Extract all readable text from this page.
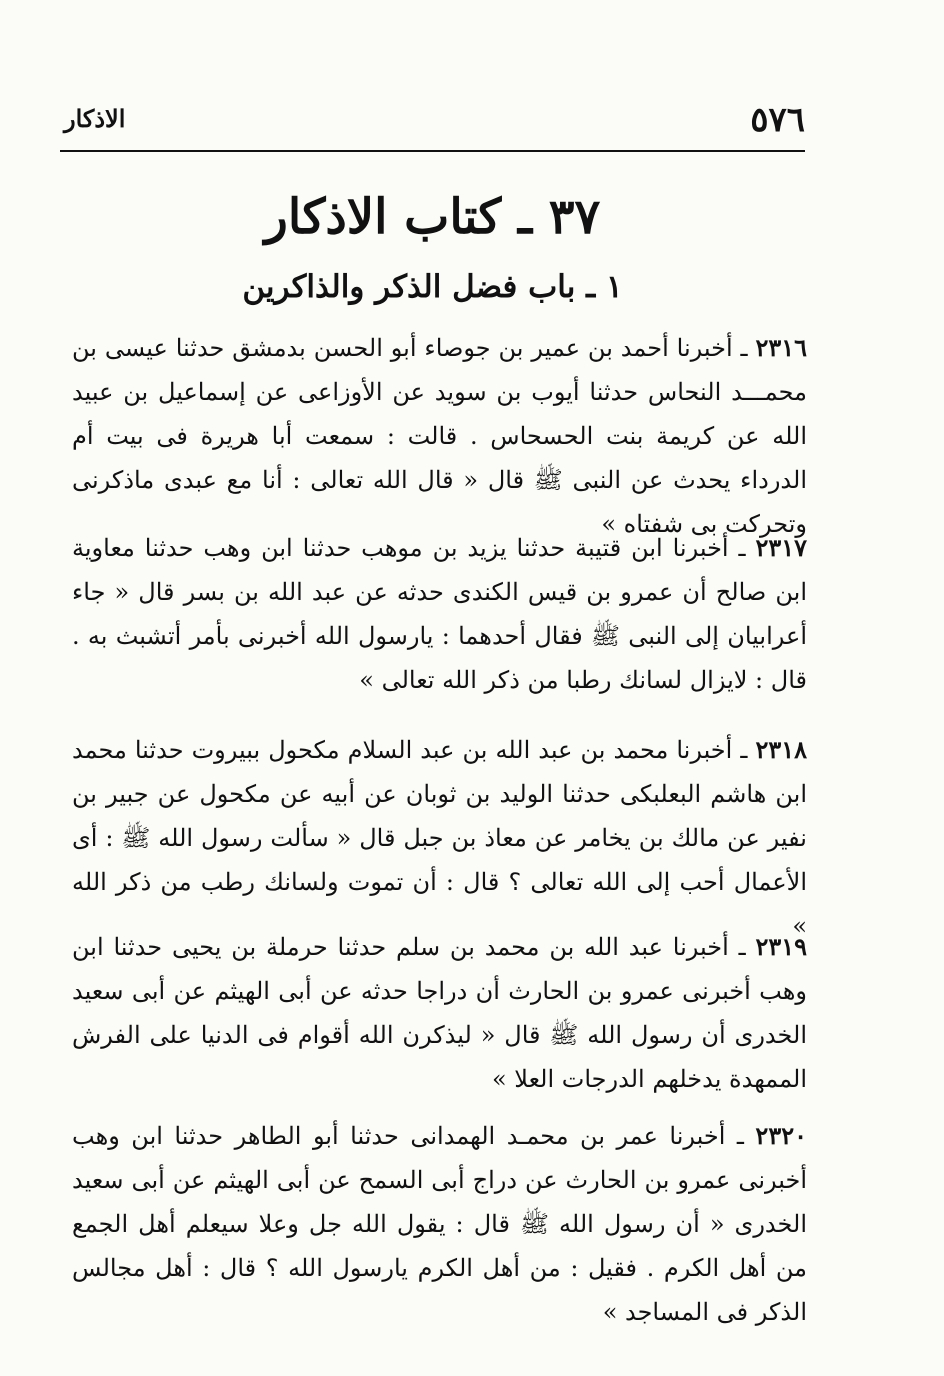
٥٧٦
الاذكار
٣٧ ـ كتاب الاذكار
١ ـ باب فضل الذكر والذاكرين
٢٣١٦ ـ أخبرنا أحمد بن عمير بن جوصاء أبو الحسن بدمشق حدثنا عيسى بن محمـــد النحاس حدثنا أيوب بن سويد عن الأوزاعى عن إسماعيل بن عبيد الله عن كريمة بنت الحسحاس . قالت : سمعت أبا هريرة فى بيت أم الدرداء يحدث عن النبى ﷺ قال « قال الله تعالى : أنا مع عبدى ماذكرنى وتحركت بى شفتاه »
٢٣١٧ ـ أخبرنا ابن قتيبة حدثنا يزيد بن موهب حدثنا ابن وهب حدثنا معاوية ابن صالح أن عمرو بن قيس الكندى حدثه عن عبد الله بن بسر قال « جاء أعرابيان إلى النبى ﷺ فقال أحدهما : يارسول الله أخبرنى بأمر أتشبث به . قال : لايزال لسانك رطبا من ذكر الله تعالى »
٢٣١٨ ـ أخبرنا محمد بن عبد الله بن عبد السلام مكحول ببيروت حدثنا محمد ابن هاشم البعلبكى حدثنا الوليد بن ثوبان عن أبيه عن مكحول عن جبير بن نفير عن مالك بن يخامر عن معاذ بن جبل قال « سألت رسول الله ﷺ : أى الأعمال أحب إلى الله تعالى ؟ قال : أن تموت ولسانك رطب من ذكر الله »
٢٣١٩ ـ أخبرنا عبد الله بن محمد بن سلم حدثنا حرملة بن يحيى حدثنا ابن وهب أخبرنى عمرو بن الحارث أن دراجا حدثه عن أبى الهيثم عن أبى سعيد الخدرى أن رسول الله ﷺ قال « ليذكرن الله أقوام فى الدنيا على الفرش الممهدة يدخلهم الدرجات العلا »
٢٣٢٠ ـ أخبرنا عمر بن محمـد الهمدانى حدثنا أبو الطاهر حدثنا ابن وهب أخبرنى عمرو بن الحارث عن دراج أبى السمح عن أبى الهيثم عن أبى سعيد الخدرى « أن رسول الله ﷺ قال : يقول الله جل وعلا سيعلم أهل الجمع من أهل الكرم . فقيل : من أهل الكرم يارسول الله ؟ قال : أهل مجالس الذكر فى المساجد »
